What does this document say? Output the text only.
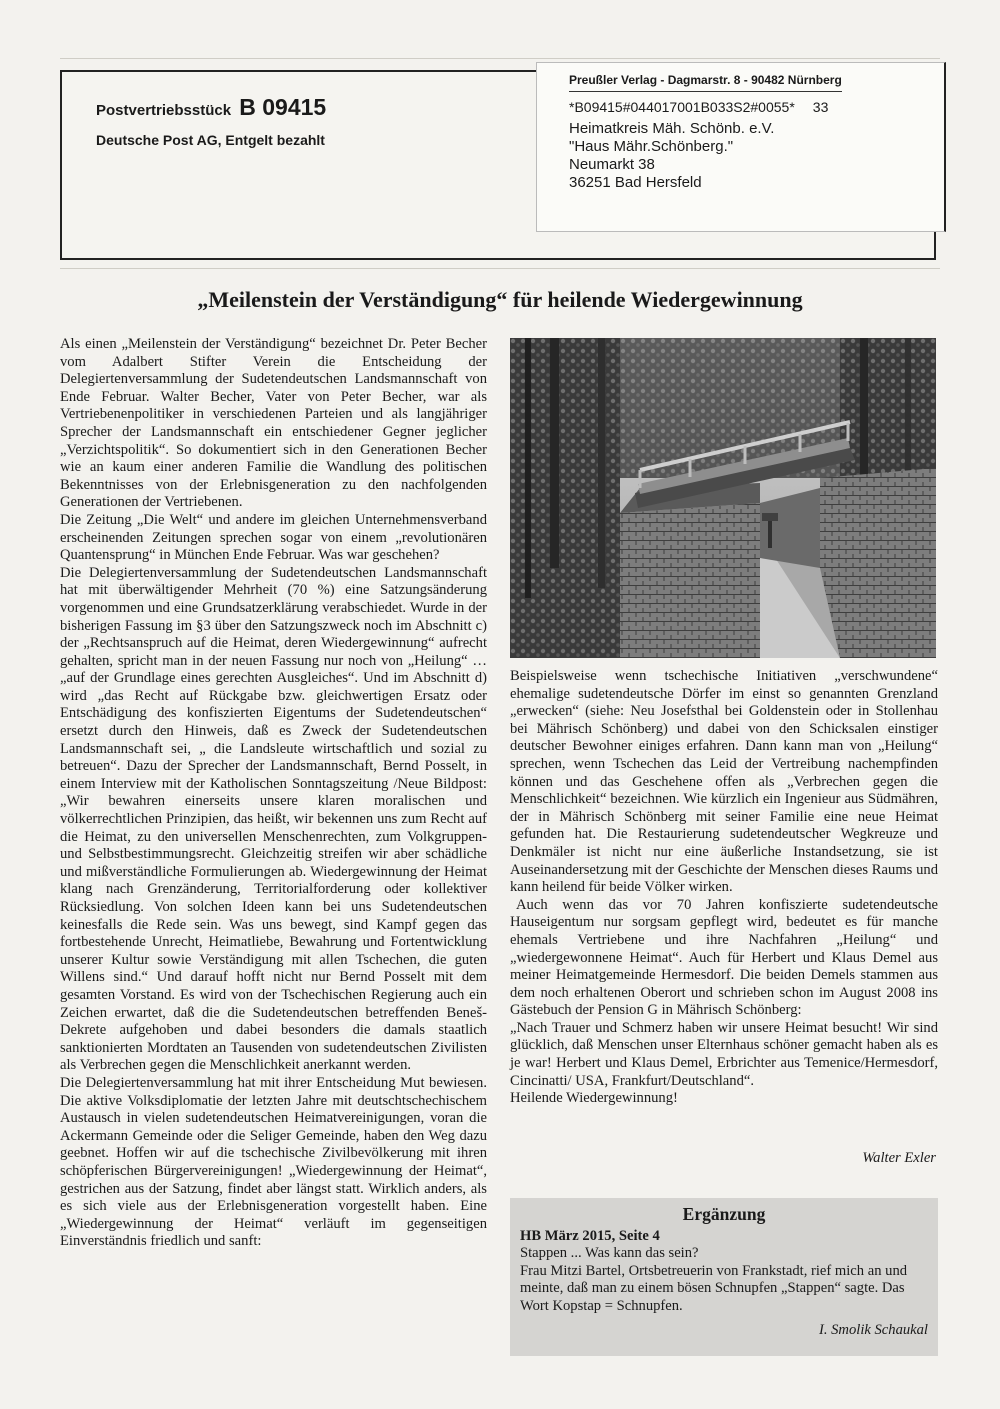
Postvertriebsstück B 09415
Deutsche Post AG, Entgelt bezahlt
Preußler Verlag - Dagmarstr. 8 - 90482 Nürnberg
*B09415#044017001B033S2#0055* 33
Heimatkreis Mäh. Schönb. e.V.
"Haus Mähr.Schönberg."
Neumarkt 38
36251 Bad Hersfeld
„Meilenstein der Verständigung“ für heilende Wiedergewinnung

Als einen „Meilenstein der Verständigung“ bezeichnet Dr. Peter Becher vom Adalbert Stifter Verein die Entscheidung der Delegiertenversammlung der Sudetendeutschen Landsmannschaft von Ende Februar. Walter Becher, Vater von Peter Becher, war als Vertriebenenpolitiker in verschiedenen Parteien und als langjähriger Sprecher der Landsmannschaft ein entschiedener Gegner jeglicher „Verzichtspolitik“. So dokumentiert sich in den Generationen Becher wie an kaum einer anderen Familie die Wandlung des politischen Bekenntnisses von der Erlebnisgeneration zu den nachfolgenden Generationen der Vertriebenen.

Die Zeitung „Die Welt“ und andere im gleichen Unternehmensverband erscheinenden Zeitungen sprechen sogar von einem „revolutionären Quantensprung“ in München Ende Februar. Was war geschehen?

Die Delegiertenversammlung der Sudetendeutschen Landsmannschaft hat mit überwältigender Mehrheit (70 %) eine Satzungsänderung vorgenommen und eine Grundsatzerklärung verabschiedet. Wurde in der bisherigen Fassung im §3 über den Satzungszweck noch im Abschnitt c) der „Rechtsanspruch auf die Heimat, deren Wiedergewinnung“ aufrecht gehalten, spricht man in der neuen Fassung nur noch von „Heilung“ … „auf der Grundlage eines gerechten Ausgleiches“. Und im Abschnitt d) wird „das Recht auf Rückgabe bzw. gleichwertigen Ersatz oder Entschädigung des konfiszierten Eigentums der Sudetendeutschen“ ersetzt durch den Hinweis, daß es Zweck der Sudetendeutschen Landsmannschaft sei, „ die Landsleute wirtschaftlich und sozial zu betreuen“. Dazu der Sprecher der Landsmannschaft, Bernd Posselt, in einem Interview mit der Katholischen Sonntagszeitung /Neue Bildpost: „Wir bewahren einerseits unsere klaren moralischen und völkerrechtlichen Prinzipien, das heißt, wir bekennen uns zum Recht auf die Heimat, zu den universellen Menschenrechten, zum Volkgruppen- und Selbstbestimmungsrecht. Gleichzeitig streifen wir aber schädliche und mißverständliche Formulierungen ab. Wiedergewinnung der Heimat klang nach Grenzänderung, Territorialforderung oder kollektiver Rücksiedlung. Von solchen Ideen kann bei uns Sudetendeutschen keinesfalls die Rede sein. Was uns bewegt, sind Kampf gegen das fortbestehende Unrecht, Heimatliebe, Bewahrung und Fortentwicklung unserer Kultur sowie Verständigung mit allen Tschechen, die guten Willens sind.“ Und darauf hofft nicht nur Bernd Posselt mit dem gesamten Vorstand. Es wird von der Tschechischen Regierung auch ein Zeichen erwartet, daß die die Sudetendeutschen betreffenden Beneš-Dekrete aufgehoben und dabei besonders die damals staatlich sanktionierten Mordtaten an Tausenden von sudetendeutschen Zivilisten als Verbrechen gegen die Menschlichkeit anerkannt werden.

Die Delegiertenversammlung hat mit ihrer Entscheidung Mut bewiesen. Die aktive Volksdiplomatie der letzten Jahre mit deutschtschechischem Austausch in vielen sudetendeutschen Heimatvereinigungen, voran die Ackermann Gemeinde oder die Seliger Gemeinde, haben den Weg dazu geebnet. Hoffen wir auf die tschechische Zivilbevölkerung mit ihren schöpferischen Bürgervereinigungen! „Wiedergewinnung der Heimat“, gestrichen aus der Satzung, findet aber längst statt. Wirklich anders, als es sich viele aus der Erlebnisgeneration vorgestellt haben. Eine „Wiedergewinnung der Heimat“ verläuft im gegenseitigen Einverständnis friedlich und sanft:

Beispielsweise wenn tschechische Initiativen „verschwundene“ ehemalige sudetendeutsche Dörfer im einst so genannten Grenzland „erwecken“ (siehe: Neu Josefsthal bei Goldenstein oder in Stollenhau bei Mährisch Schönberg) und dabei von den Schicksalen einstiger deutscher Bewohner einiges erfahren. Dann kann man von „Heilung“ sprechen, wenn Tschechen das Leid der Vertreibung nachempfinden können und das Geschehene offen als „Verbrechen gegen die Menschlichkeit“ bezeichnen. Wie kürzlich ein Ingenieur aus Südmähren, der in Mährisch Schönberg mit seiner Familie eine neue Heimat gefunden hat. Die Restaurierung sudetendeutscher Wegkreuze und Denkmäler ist nicht nur eine äußerliche Instandsetzung, sie ist Auseinandersetzung mit der Geschichte der Menschen dieses Raums und kann heilend für beide Völker wirken.

Auch wenn das vor 70 Jahren konfiszierte sudetendeutsche Hauseigentum nur sorgsam gepflegt wird, bedeutet es für manche ehemals Vertriebene und ihre Nachfahren „Heilung“ und „wiedergewonnene Heimat“. Auch für Herbert und Klaus Demel aus meiner Heimatgemeinde Hermesdorf. Die beiden Demels stammen aus dem noch erhaltenen Oberort und schrieben schon im August 2008 ins Gästebuch der Pension G in Mährisch Schönberg:

„Nach Trauer und Schmerz haben wir unsere Heimat besucht! Wir sind glücklich, daß Menschen unser Elternhaus schöner gemacht haben als es je war! Herbert und Klaus Demel, Erbrichter aus Temenice/Hermesdorf, Cincinatti/ USA, Frankfurt/Deutschland“.

Heilende Wiedergewinnung!

Walter Exler
Ergänzung

HB März 2015, Seite 4

Stappen ... Was kann das sein?

Frau Mitzi Bartel, Ortsbetreuerin von Frankstadt, rief mich an und meinte, daß man zu einem bösen Schnupfen „Stappen“ sagte. Das Wort Kopstap = Schnupfen.

I. Smolik Schaukal
